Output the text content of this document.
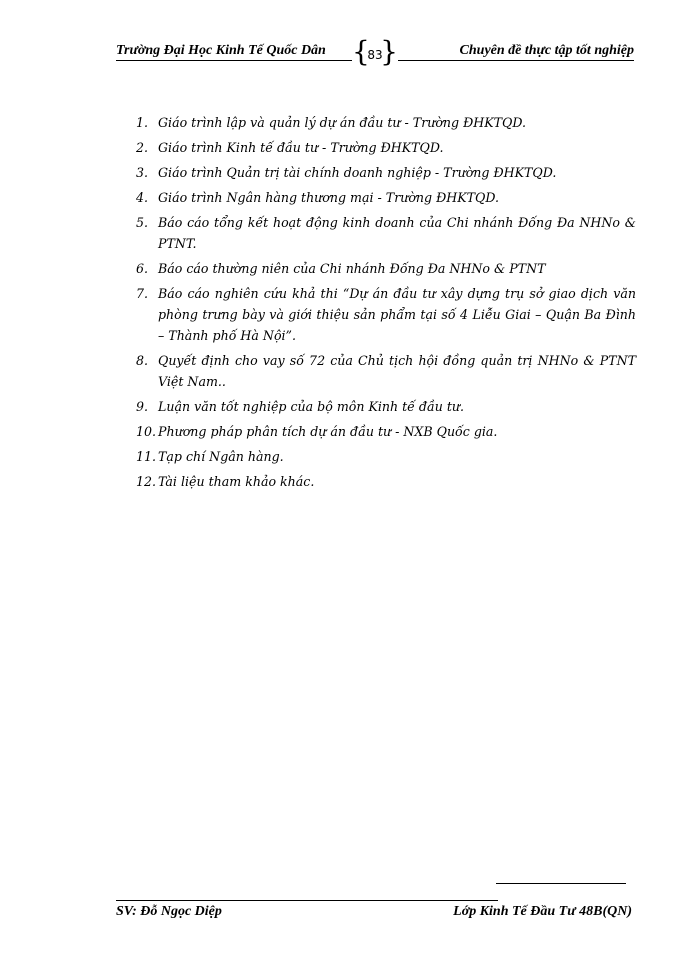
Trường Đại Học Kinh Tế Quốc Dân {
83
}	Chuyên đề thực tập tốt nghiệp
1. Giáo trình lập và quản lý dự án đầu tư - Trường ĐHKTQD.
2. Giáo trình Kinh tế đầu tư - Trường ĐHKTQD.
3. Giáo trình Quản trị tài chính doanh nghiệp - Trường ĐHKTQD.
4. Giáo trình Ngân hàng thương mại - Trường ĐHKTQD.
5. Báo cáo tổng kết hoạt động kinh doanh của Chi nhánh Đống Đa NHNo & PTNT.
6. Báo cáo thường niên của Chi nhánh Đống Đa NHNo & PTNT
7. Báo cáo nghiên cứu khả thi “Dự án đầu tư xây dựng trụ sở giao dịch văn phòng trưng bày và giới thiệu sản phẩm tại số 4 Liễu Giai – Quận Ba Đình – Thành phố Hà Nội”.
8. Quyết định cho vay số 72 của Chủ tịch hội đồng quản trị NHNo & PTNT Việt Nam..
9. Luận văn tốt nghiệp của bộ môn Kinh tế đầu tư.
10. Phương pháp phân tích dự án đầu tư - NXB Quốc gia.
11. Tạp chí Ngân hàng.
12. Tài liệu tham khảo khác.
SV: Đỗ Ngọc Diệp	Lớp Kinh Tế Đầu Tư 48B(QN)
